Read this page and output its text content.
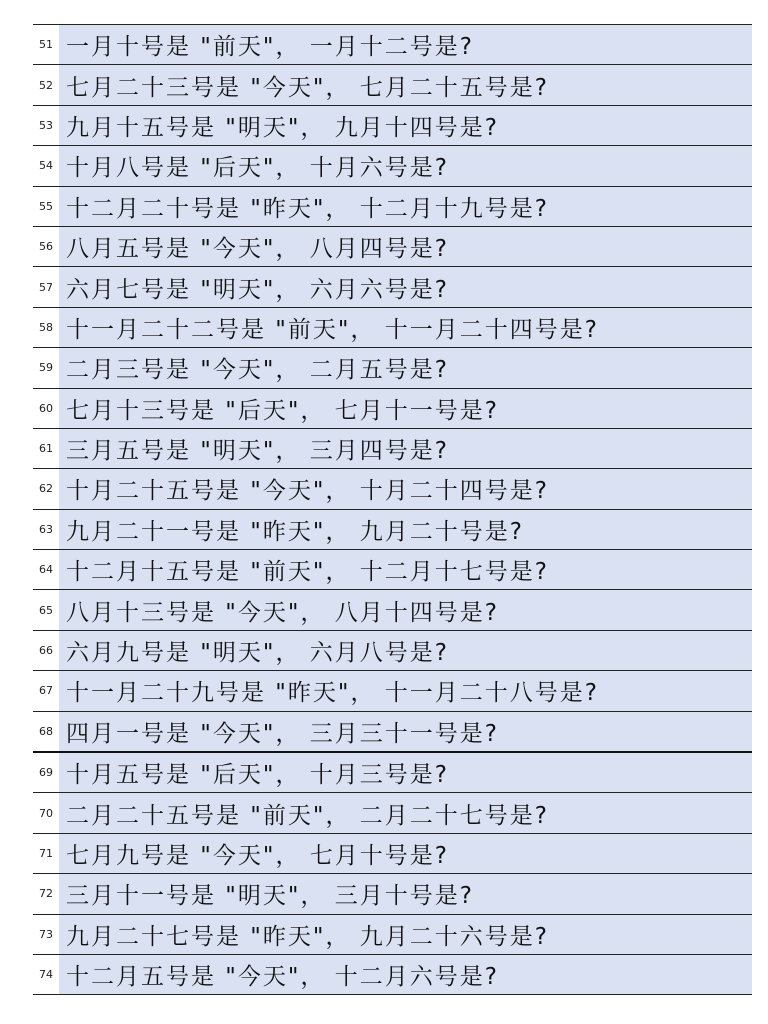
51 一月十号是 "前天"， 一月十二号是?
52 七月二十三号是 "今天"， 七月二十五号是?
53 九月十五号是 "明天"， 九月十四号是?
54 十月八号是 "后天"， 十月六号是?
55 十二月二十号是 "昨天"， 十二月十九号是?
56 八月五号是 "今天"， 八月四号是?
57 六月七号是 "明天"， 六月六号是?
58 十一月二十二号是 "前天"， 十一月二十四号是?
59 二月三号是 "今天"， 二月五号是?
60 七月十三号是 "后天"， 七月十一号是?
61 三月五号是 "明天"， 三月四号是?
62 十月二十五号是 "今天"， 十月二十四号是?
63 九月二十一号是 "昨天"， 九月二十号是?
64 十二月十五号是 "前天"， 十二月十七号是?
65 八月十三号是 "今天"， 八月十四号是?
66 六月九号是 "明天"， 六月八号是?
67 十一月二十九号是 "昨天"， 十一月二十八号是?
68 四月一号是 "今天"， 三月三十一号是?
69 十月五号是 "后天"， 十月三号是?
70 二月二十五号是 "前天"， 二月二十七号是?
71 七月九号是 "今天"， 七月十号是?
72 三月十一号是 "明天"， 三月十号是?
73 九月二十七号是 "昨天"， 九月二十六号是?
74 十二月五号是 "今天"， 十二月六号是?
